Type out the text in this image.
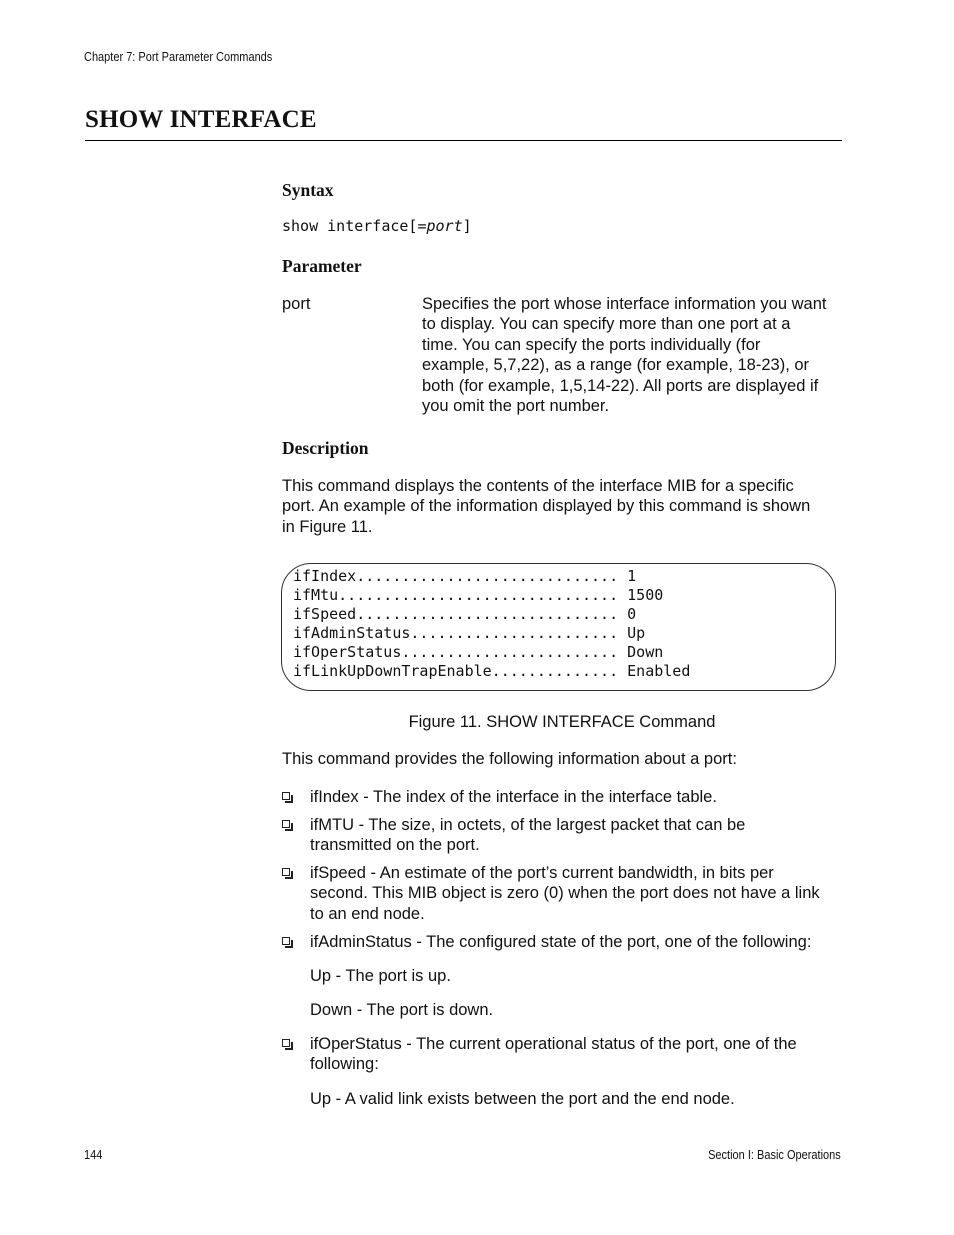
Chapter 7: Port Parameter Commands
SHOW INTERFACE
Syntax
show interface[=port]
Parameter
port	Specifies the port whose interface information you want
to display. You can specify more than one port at a
time. You can specify the ports individually (for
example, 5,7,22), as a range (for example, 18-23), or
both (for example, 1,5,14-22). All ports are displayed if
you omit the port number.
Description
This command displays the contents of the interface MIB for a specific
port. An example of the information displayed by this command is shown
in Figure 11.
ifIndex............................. 1
ifMtu............................... 1500
ifSpeed............................. 0
ifAdminStatus....................... Up
ifOperStatus........................ Down
ifLinkUpDownTrapEnable.............. Enabled
Figure 11. SHOW INTERFACE Command
This command provides the following information about a port:
ifIndex - The index of the interface in the interface table.
ifMTU - The size, in octets, of the largest packet that can be
transmitted on the port.
ifSpeed - An estimate of the port’s current bandwidth, in bits per
second. This MIB object is zero (0) when the port does not have a link
to an end node.
ifAdminStatus - The configured state of the port, one of the following:
Up - The port is up.
Down - The port is down.
ifOperStatus - The current operational status of the port, one of the
following:
Up - A valid link exists between the port and the end node.
144	Section I: Basic Operations
